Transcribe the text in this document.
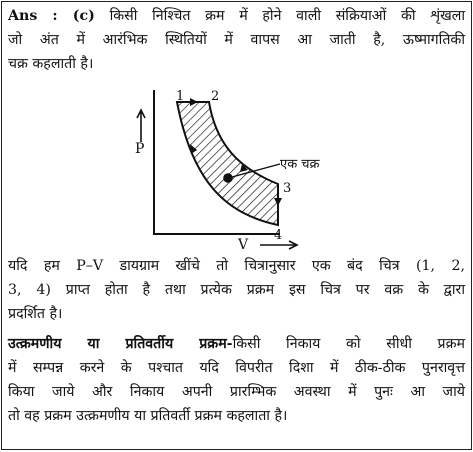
Ans : (c) किसी निश्चित क्रम में होने वाली संक्रियाओं की शृंखला
जो अंत में आरंभिक स्थितियों में वापस आ जाती है, ऊष्मागतिकी
चक्र कहलाती है।
P
V
एक चक्र
1 2
3
4
यदि हम P–V डायग्राम खींचे तो चित्रानुसार एक बंद चित्र (1, 2,
3, 4) प्राप्त होता है तथा प्रत्येक प्रक्रम इस चित्र पर वक्र के द्वारा
प्रदर्शित है।
उत्क्रमणीय या प्रतिवर्तीय प्रक्रम-किसी निकाय को सीधी प्रक्रम
में सम्पन्न करने के पश्चात यदि विपरीत दिशा में ठीक-ठीक पुनरावृत्त
किया जाये और निकाय अपनी प्रारम्भिक अवस्था में पुनः आ जाये
तो वह प्रक्रम उत्क्रमणीय या प्रतिवर्ती प्रक्रम कहलाता है।
